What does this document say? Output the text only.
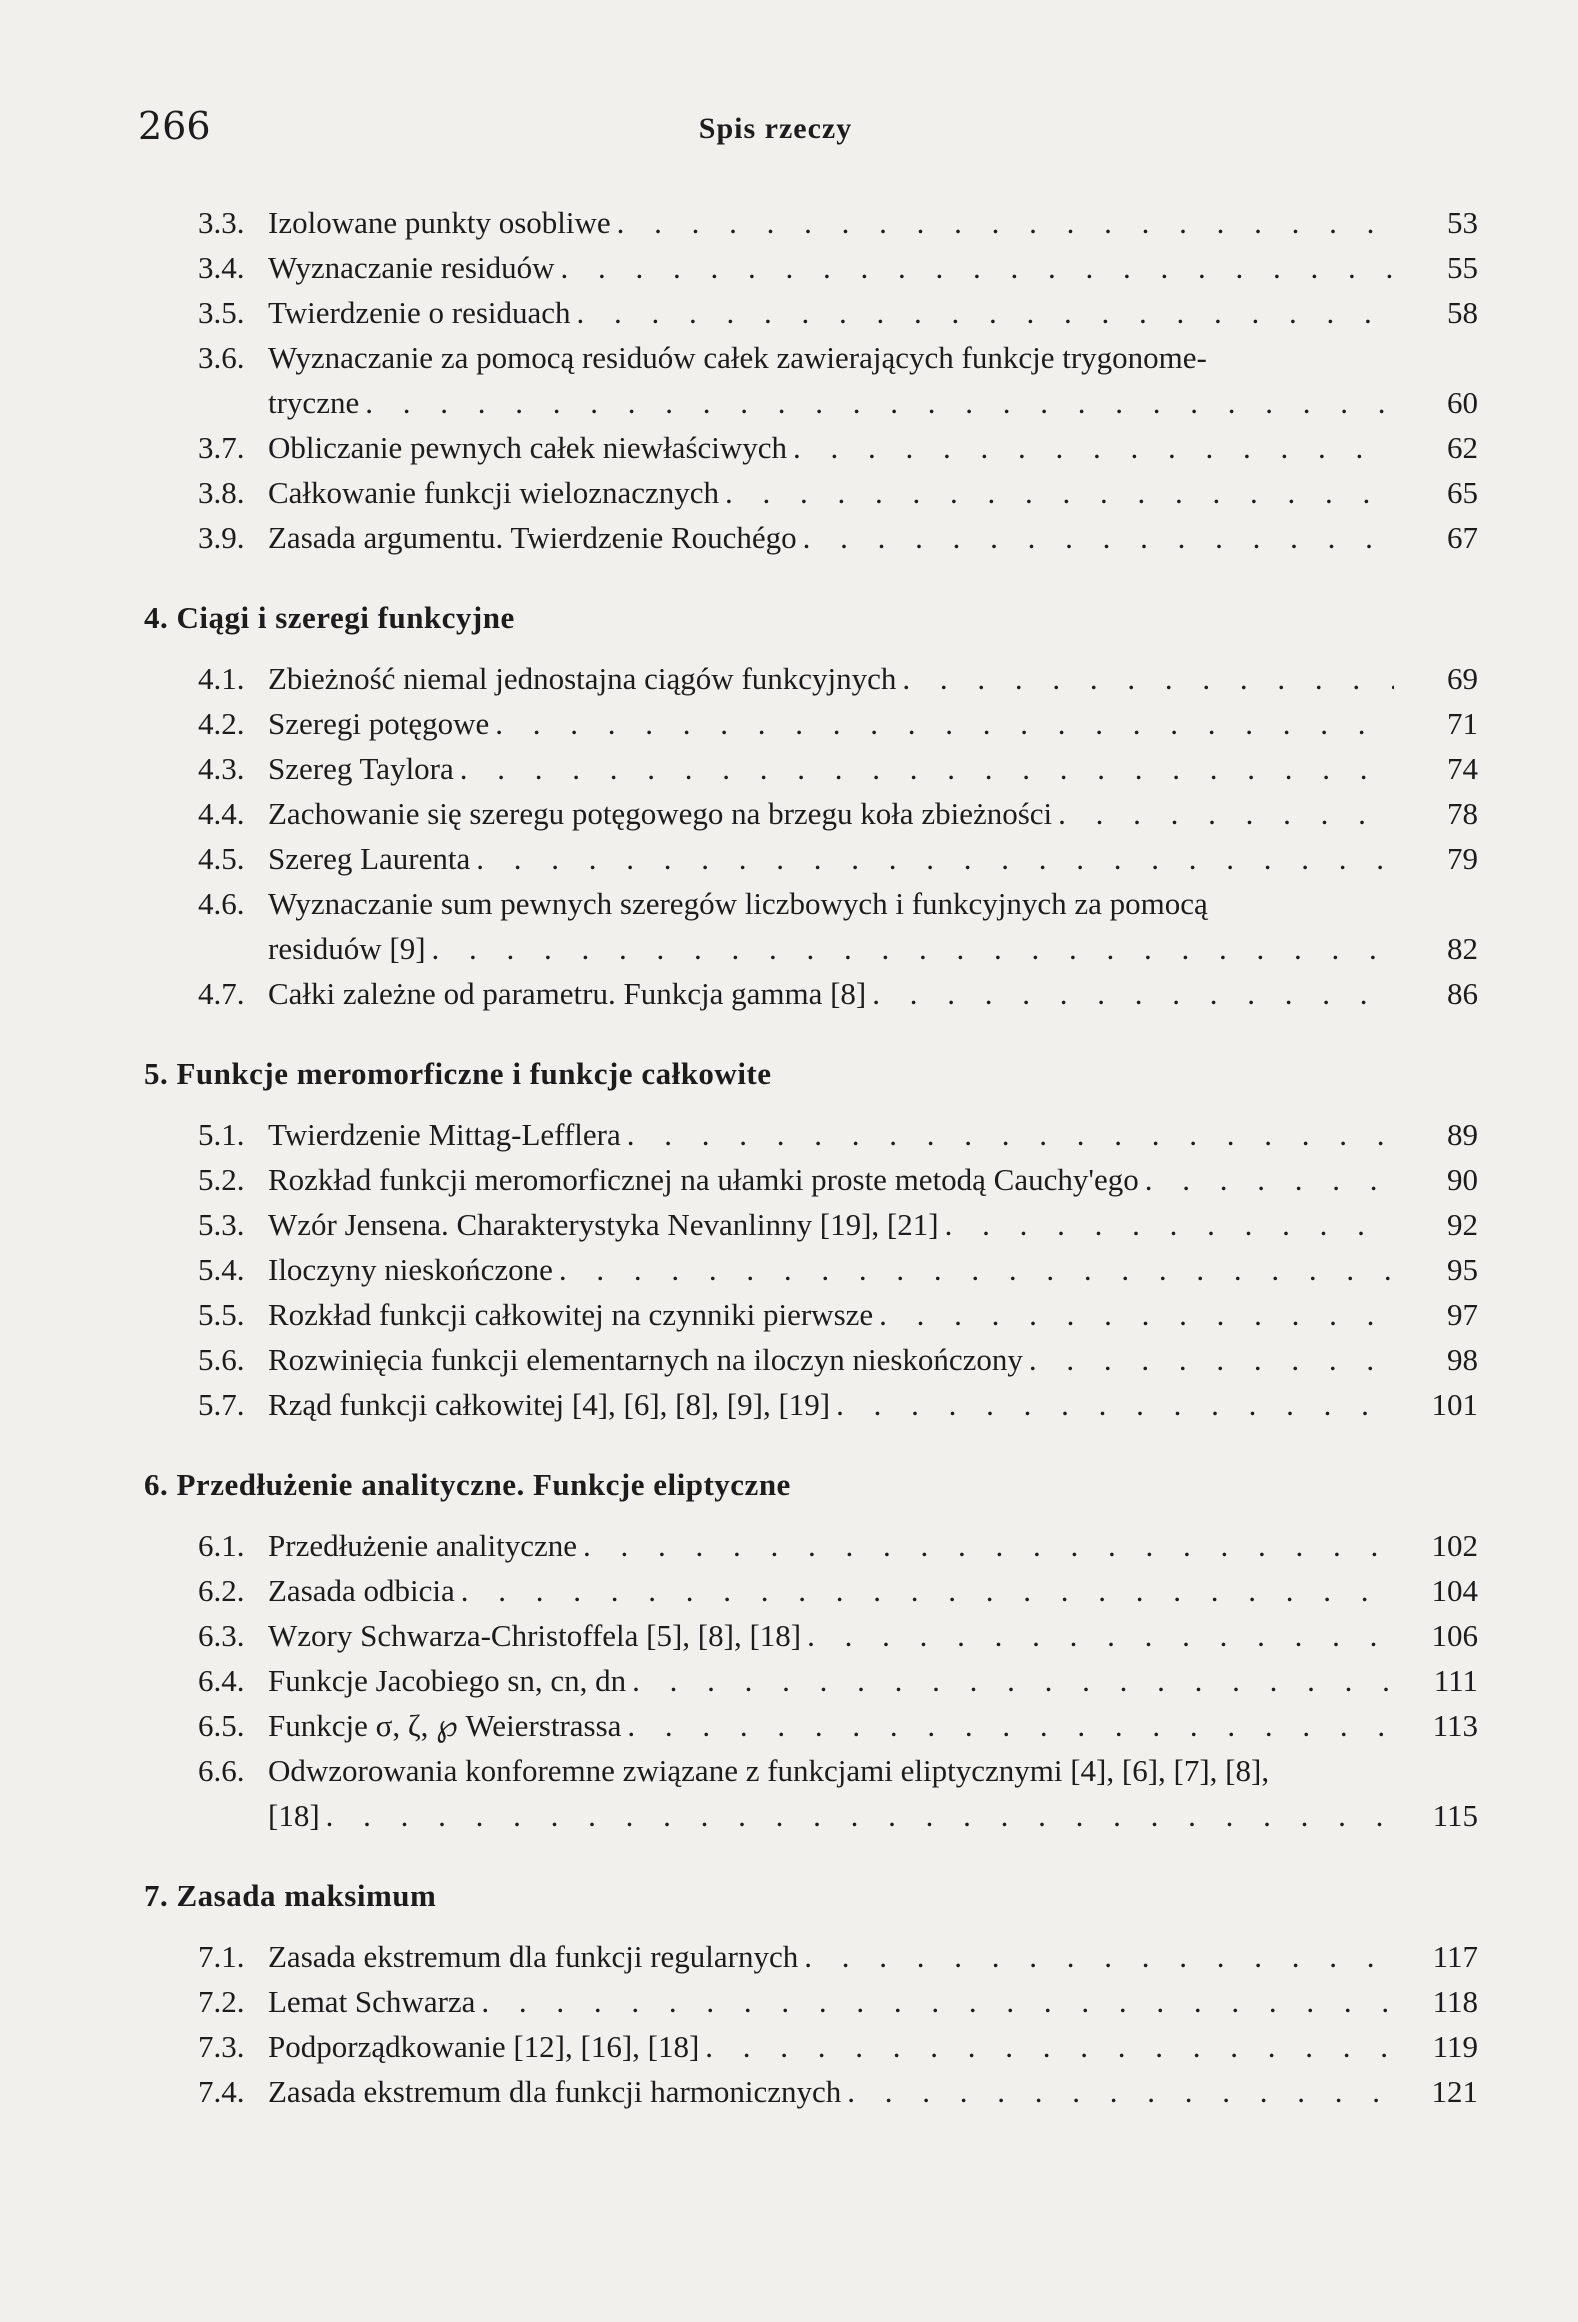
266	Spis rzeczy
3.3. Izolowane punkty osobliwe . . .	53
3.4. Wyznaczanie residuów . . .	55
3.5. Twierdzenie o residuach . . .	58
3.6. Wyznaczanie za pomocą residuów całek zawierających funkcje trygonome-
tryczne . . .	60
3.7. Obliczanie pewnych całek niewłaściwych . . .	62
3.8. Całkowanie funkcji wieloznacznych . . .	65
3.9. Zasada argumentu. Twierdzenie Rouchégo . . .	67
4. Ciągi i szeregi funkcyjne
4.1. Zbieżność niemal jednostajna ciągów funkcyjnych . . .	69
4.2. Szeregi potęgowe . . .	71
4.3. Szereg Taylora . . .	74
4.4. Zachowanie się szeregu potęgowego na brzegu koła zbieżności . . .	78
4.5. Szereg Laurenta . . .	79
4.6. Wyznaczanie sum pewnych szeregów liczbowych i funkcyjnych za pomocą
residuów [9] . . .	82
4.7. Całki zależne od parametru. Funkcja gamma [8] . . .	86
5. Funkcje meromorficzne i funkcje całkowite
5.1. Twierdzenie Mittag-Lefflera . . .	89
5.2. Rozkład funkcji meromorficznej na ułamki proste metodą Cauchy'ego . . .	90
5.3. Wzór Jensena. Charakterystyka Nevanlinny [19], [21] . . .	92
5.4. Iloczyny nieskończone . . .	95
5.5. Rozkład funkcji całkowitej na czynniki pierwsze . . .	97
5.6. Rozwinięcia funkcji elementarnych na iloczyn nieskończony . . .	98
5.7. Rząd funkcji całkowitej [4], [6], [8], [9], [19] . . .	101
6. Przedłużenie analityczne. Funkcje eliptyczne
6.1. Przedłużenie analityczne . . .	102
6.2. Zasada odbicia . . .	104
6.3. Wzory Schwarza-Christoffela [5], [8], [18] . . .	106
6.4. Funkcje Jacobiego sn, cn, dn . . .	111
6.5. Funkcje σ, ζ, ℘ Weierstrassa . . .	113
6.6. Odwzorowania konforemne związane z funkcjami eliptycznymi [4], [6], [7], [8],
[18] . . .	115
7. Zasada maksimum
7.1. Zasada ekstremum dla funkcji regularnych . . .	117
7.2. Lemat Schwarza . . .	118
7.3. Podporządkowanie [12], [16], [18] . . .	119
7.4. Zasada ekstremum dla funkcji harmonicznych . . .	121
